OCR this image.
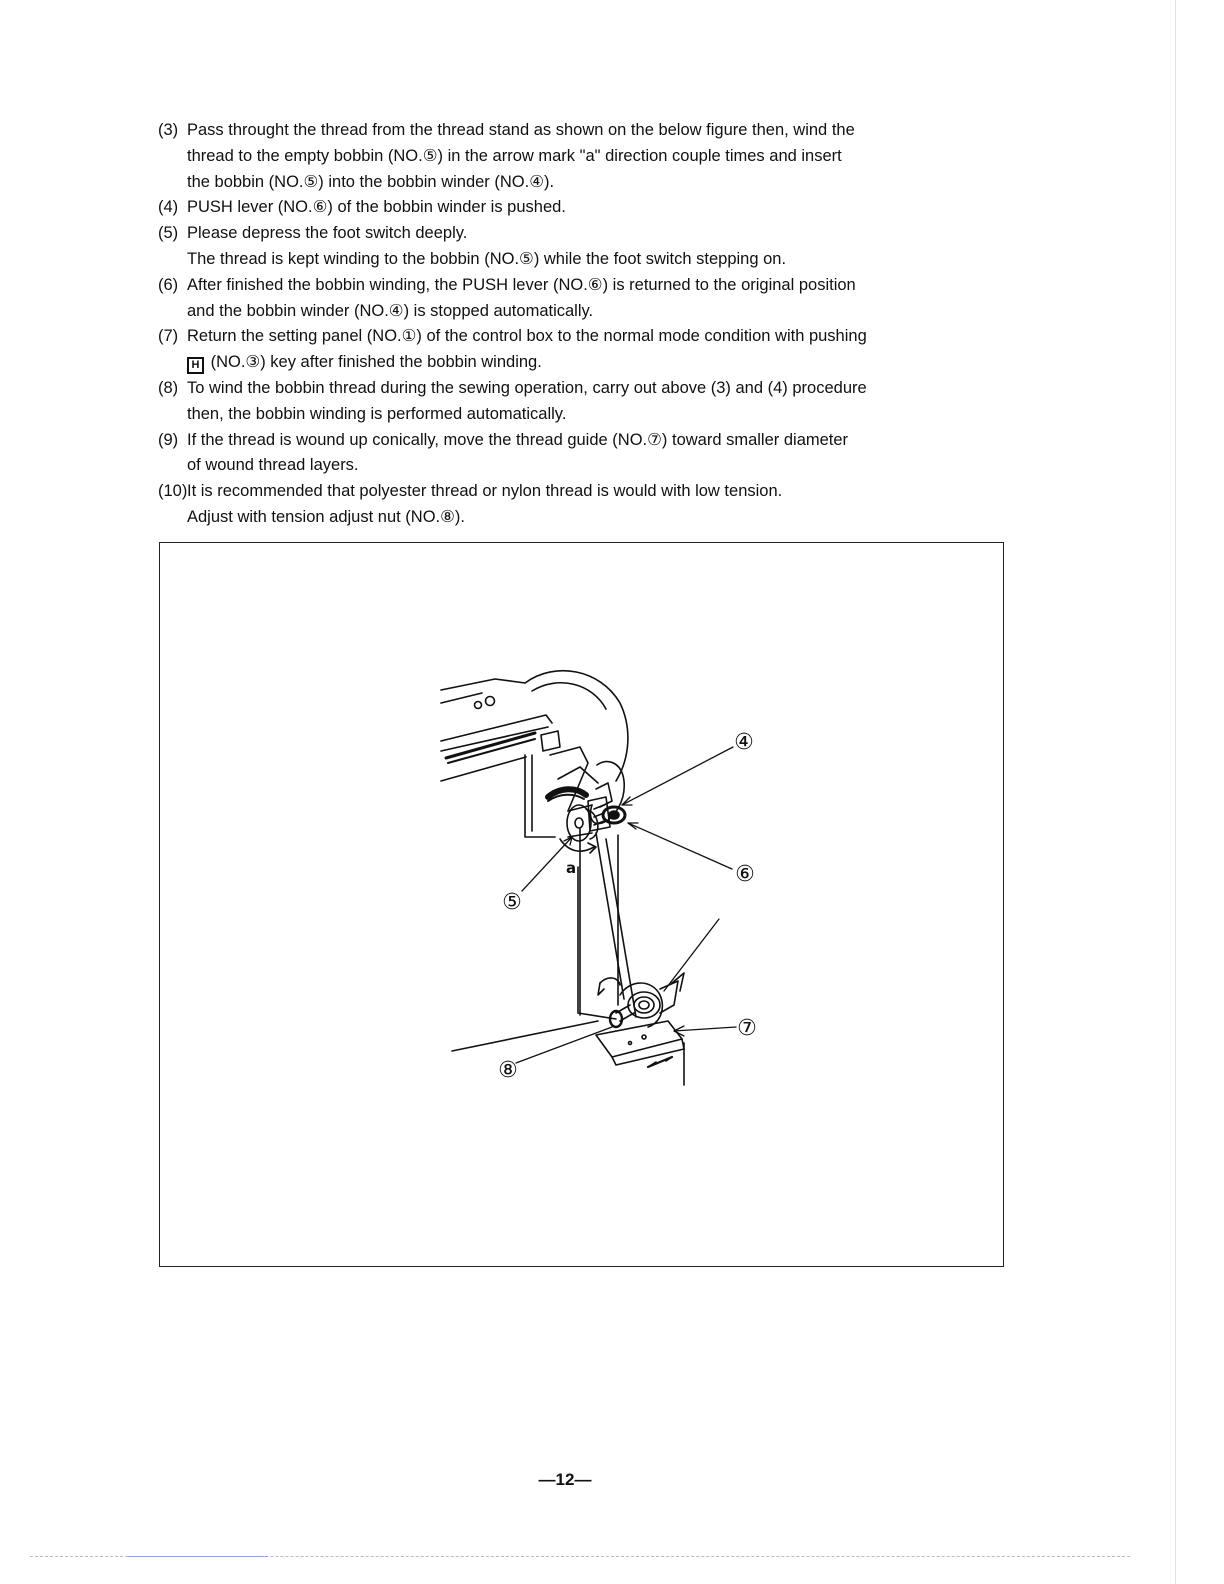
(3) Pass throught the thread from the thread stand as shown on the below figure then, wind the
thread to the empty bobbin (NO.⑤) in the arrow mark "a" direction couple times and insert
the bobbin (NO.⑤) into the bobbin winder (NO.④).
(4) PUSH lever (NO.⑥) of the bobbin winder is pushed.
(5) Please depress the foot switch deeply.
The thread is kept winding to the bobbin (NO.⑤) while the foot switch stepping on.
(6) After finished the bobbin winding, the PUSH lever (NO.⑥) is returned to the original position
and the bobbin winder (NO.④) is stopped automatically.
(7) Return the setting panel (NO.①) of the control box to the normal mode condition with pushing
H (NO.③) key after finished the bobbin winding.
(8) To wind the bobbin thread during the sewing operation, carry out above (3) and (4) procedure
then, the bobbin winding is performed automatically.
(9) If the thread is wound up conically, move the thread guide (NO.⑦) toward smaller diameter
of wound thread layers.
(10) It is recommended that polyester thread or nylon thread is would with low tension.
Adjust with tension adjust nut (NO.⑧).
④
⑥
⑤
⑦
⑧
a
—12—
